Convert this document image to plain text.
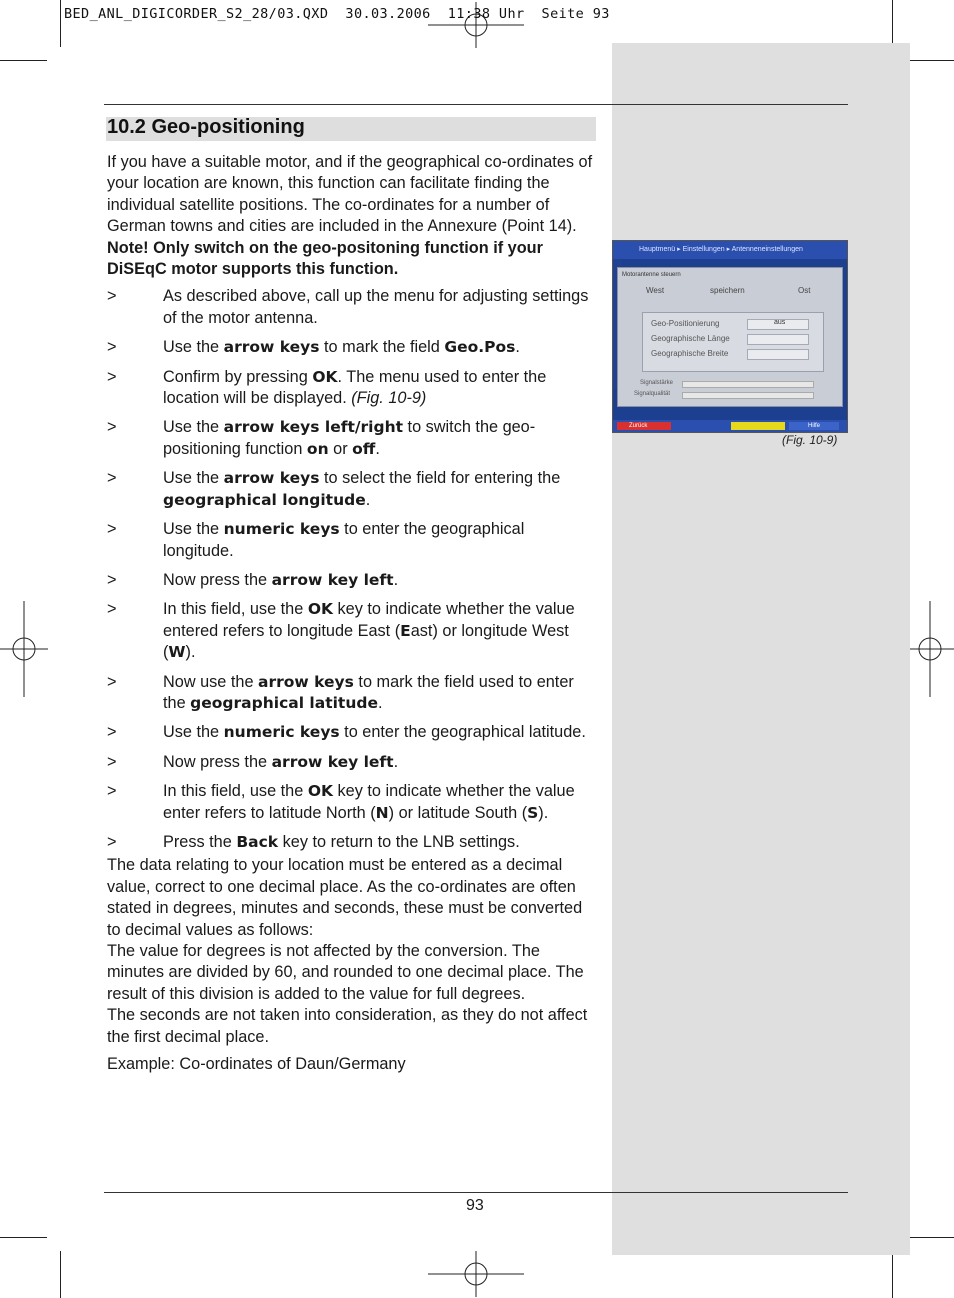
BED_ANL_DIGICORDER_S2_28/03.QXD  30.03.2006  11:38 Uhr  Seite 93
10.2 Geo-positioning

If you have a suitable motor, and if the geographical co-ordinates of your location are known, this function can facilitate finding the individual satellite positions. The co-ordinates for a number of German towns and cities are included in the Annexure (Point 14).

Note! Only switch on the geo-positoning function if your DiSEqC motor supports this function.

>	As described above, call up the menu for adjusting settings of the motor antenna.
>	Use the arrow keys to mark the field Geo.Pos.
>	Confirm by pressing OK. The menu used to enter the location will be displayed. (Fig. 10-9)
>	Use the arrow keys left/right to switch the geo-positioning function on or off.
>	Use the arrow keys to select the field for entering the geographical longitude.
>	Use the numeric keys to enter the geographical longitude.
>	Now press the arrow key left.
>	In this field, use the OK key to indicate whether the value entered refers to longitude East (East) or longitude West (W).
>	Now use the arrow keys to mark the field used to enter the geographical latitude.
>	Use the numeric keys to enter the geographical latitude.
>	Now press the arrow key left.
>	In this field, use the OK key to indicate whether the value enter refers to latitude North (N) or latitude South (S).
>	Press the Back key to return to the LNB settings.

The data relating to your location must be entered as a decimal value, correct to one decimal place. As the co-ordinates are often stated in degrees, minutes and seconds, these must be converted to decimal values as follows:

The value for degrees is not affected by the conversion. The minutes are divided by 60, and rounded to one decimal place. The result of this division is added to the value for full degrees.

The seconds are not taken into consideration, as they do not affect the first decimal place.

Example: Co-ordinates of Daun/Germany

Hauptmenü ▸ Einstellungen ▸ Antenneneinstellungen
Motorantenne steuern
West	speichern	Ost
Geo-Positionierung	aus
Geographische Länge
Geographische Breite
Signalstärke
Signalqualität
Zurück	Hilfe
(Fig. 10-9)
93
